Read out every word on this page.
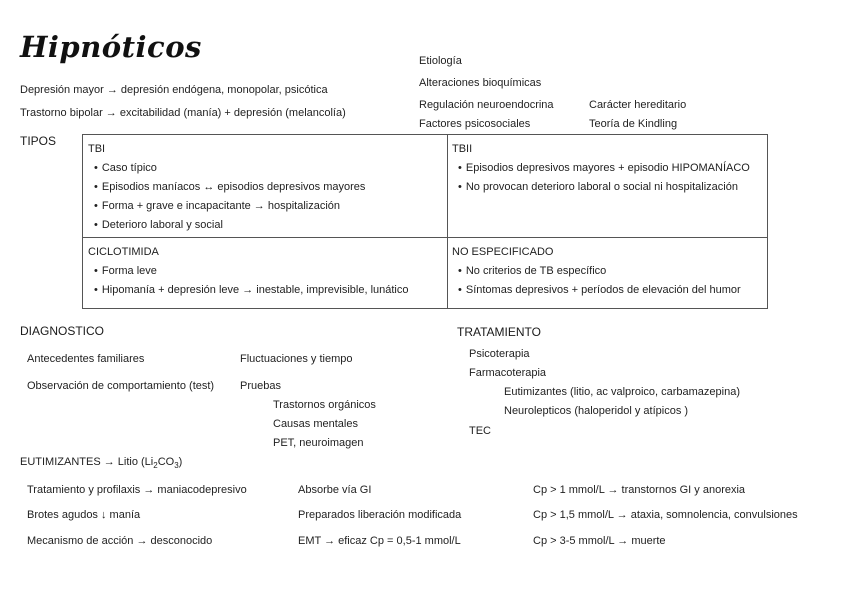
Hipnóticos
Depresión mayor → depresión endógena, monopolar, psicótica
Trastorno bipolar → excitabilidad (manía) + depresión (melancolía)
Etiología
Alteraciones bioquímicas
Regulación neuroendocrina	Carácter hereditario
Factores psicosociales	Teoría de Kindling
TIPOS
TBI
• Caso típico
• Episodios maníacos ↔ episodios depresivos mayores
• Forma + grave e incapacitante → hospitalización
• Deterioro laboral y social
TBII
• Episodios depresivos mayores + episodio HIPOMANÍACO
• No provocan deterioro laboral o social ni hospitalización
CICLOTIMIDA
• Forma leve
• Hipomanía + depresión leve → inestable, imprevisible, lunático
NO ESPECIFICADO
• No criterios de TB específico
• Síntomas depresivos + períodos de elevación del humor
DIAGNOSTICO
Antecedentes familiares
Observación de comportamiento (test)
Fluctuaciones y tiempo
Pruebas
Trastornos orgánicos
Causas mentales
PET, neuroimagen
TRATAMIENTO
Psicoterapia
Farmacoterapia
Eutimizantes (litio, ac valproico, carbamazepina)
Neurolepticos (haloperidol y atípicos )
TEC
EUTIMIZANTES → Litio $(Li_2CO_3)$
Tratamiento y profilaxis → maniacodepresivo
Brotes agudos ↓ manía
Mecanismo de acción → desconocido
Absorbe vía GI
Preparados liberación modificada
EMT → eficaz Cp = 0,5-1 mmol/L
Cp > 1 mmol/L → transtornos GI y anorexia
Cp > 1,5 mmol/L → ataxia, somnolencia, convulsiones
Cp > 3-5 mmol/L → muerte
